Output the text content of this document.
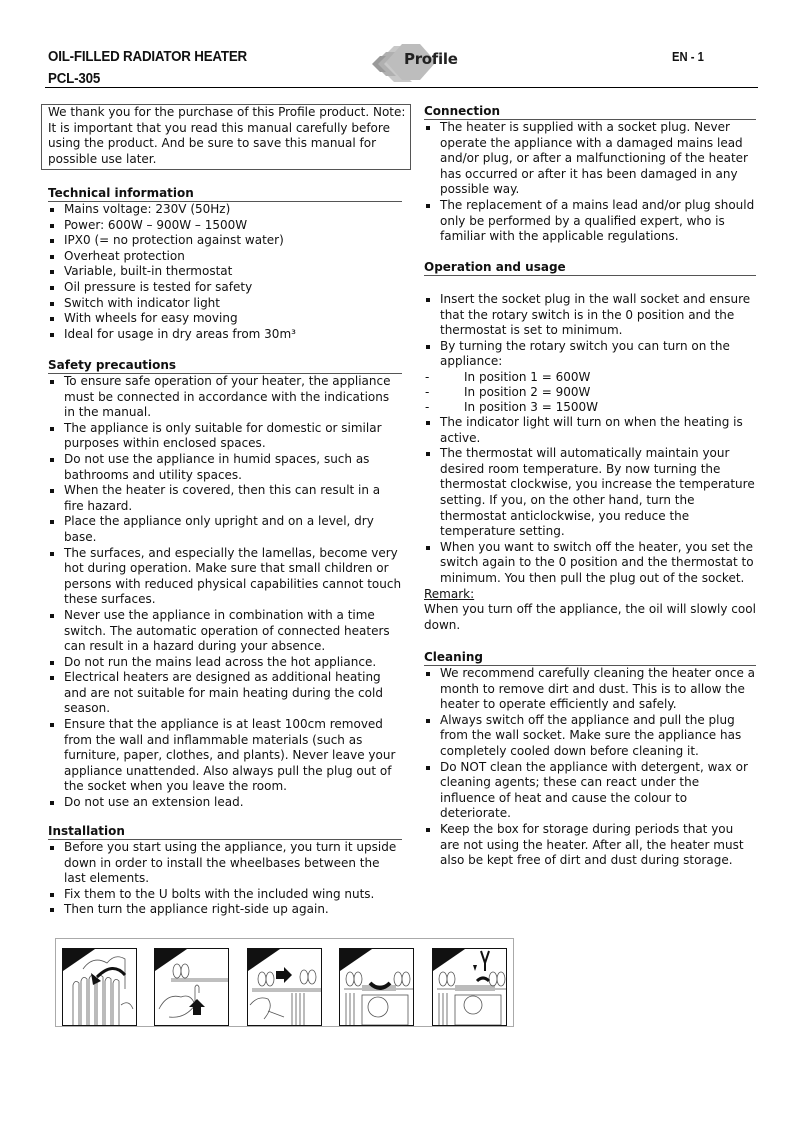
OIL-FILLED RADIATOR HEATER
PCL-305
Profile	EN - 1
We thank you for the purchase of this Profile product. Note: It is important that you read this manual carefully before using the product. And be sure to save this manual for possible use later.
Technical information
Mains voltage: 230V (50Hz)
Power: 600W – 900W – 1500W
IPX0 (= no protection against water)
Overheat protection
Variable, built-in thermostat
Oil pressure is tested for safety
Switch with indicator light
With wheels for easy moving
Ideal for usage in dry areas from 30m³
Safety precautions
To ensure safe operation of your heater, the appliance must be connected in accordance with the indications in the manual.
The appliance is only suitable for domestic or similar purposes within enclosed spaces.
Do not use the appliance in humid spaces, such as bathrooms and utility spaces.
When the heater is covered, then this can result in a fire hazard.
Place the appliance only upright and on a level, dry base.
The surfaces, and especially the lamellas, become very hot during operation. Make sure that small children or persons with reduced physical capabilities cannot touch these surfaces.
Never use the appliance in combination with a time switch. The automatic operation of connected heaters can result in a hazard during your absence.
Do not run the mains lead across the hot appliance.
Electrical heaters are designed as additional heating and are not suitable for main heating during the cold season.
Ensure that the appliance is at least 100cm removed from the wall and inflammable materials (such as furniture, paper, clothes, and plants). Never leave your appliance unattended. Also always pull the plug out of the socket when you leave the room.
Do not use an extension lead.
Installation
Before you start using the appliance, you turn it upside down in order to install the wheelbases between the last elements.
Fix them to the U bolts with the included wing nuts.
Then turn the appliance right-side up again.
Connection
The heater is supplied with a socket plug. Never operate the appliance with a damaged mains lead and/or plug, or after a malfunctioning of the heater has occurred or after it has been damaged in any possible way.
The replacement of a mains lead and/or plug should only be performed by a qualified expert, who is familiar with the applicable regulations.
Operation and usage
Insert the socket plug in the wall socket and ensure that the rotary switch is in the 0 position and the thermostat is set to minimum.
By turning the rotary switch you can turn on the appliance:
- In position 1 = 600W
- In position 2 = 900W
- In position 3 = 1500W
The indicator light will turn on when the heating is active.
The thermostat will automatically maintain your desired room temperature. By now turning the thermostat clockwise, you increase the temperature setting. If you, on the other hand, turn the thermostat anticlockwise, you reduce the temperature setting.
When you want to switch off the heater, you set the switch again to the 0 position and the thermostat to minimum. You then pull the plug out of the socket.
Remark:
When you turn off the appliance, the oil will slowly cool down.
Cleaning
We recommend carefully cleaning the heater once a month to remove dirt and dust. This is to allow the heater to operate efficiently and safely.
Always switch off the appliance and pull the plug from the wall socket. Make sure the appliance has completely cooled down before cleaning it.
Do NOT clean the appliance with detergent, wax or cleaning agents; these can react under the influence of heat and cause the colour to deteriorate.
Keep the box for storage during periods that you are not using the heater. After all, the heater must also be kept free of dirt and dust during storage.
